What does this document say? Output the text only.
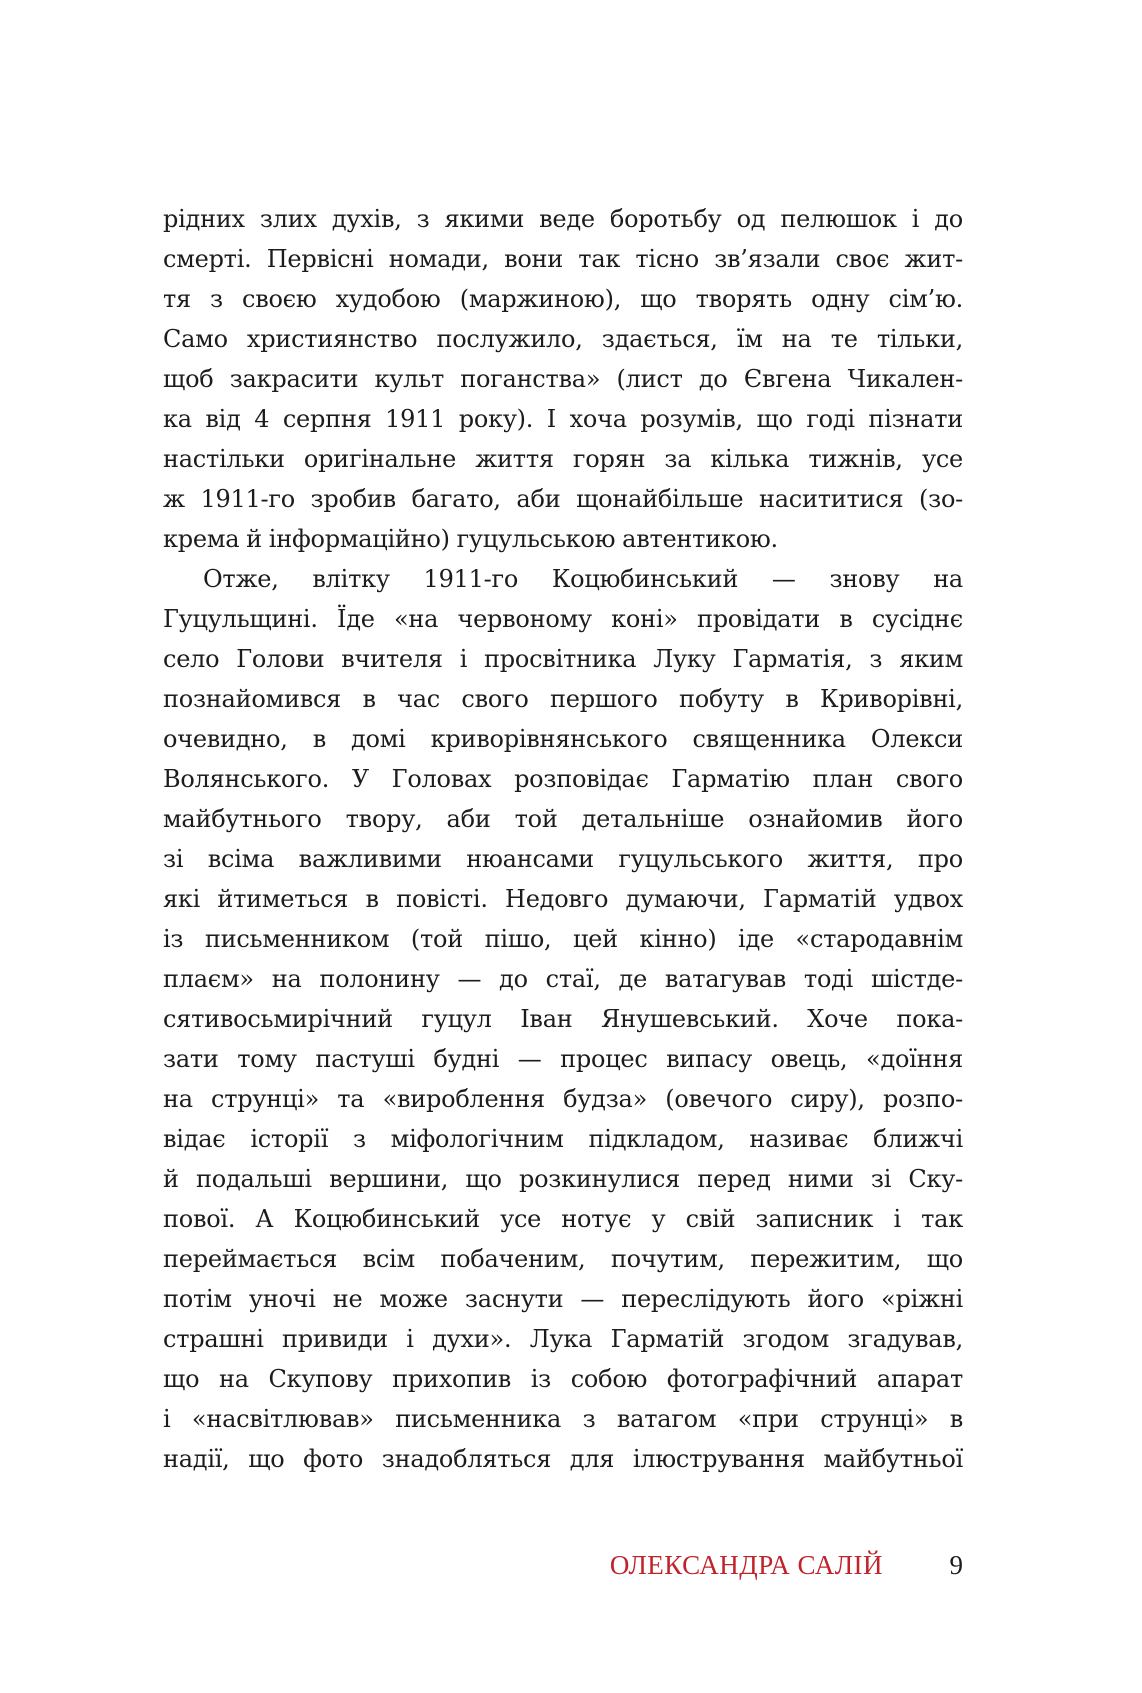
рідних злих духів, з якими веде боротьбу од пелюшок і до
смерті. Первісні номади, вони так тісно зв’язали своє жит-
тя з своєю худобою (маржиною), що творять одну сім’ю.
Само християнство послужило, здається, їм на те тільки,
щоб закрасити культ поганства» (лист до Євгена Чикален-
ка від 4 серпня 1911 року). І хоча розумів, що годі пізнати
настільки оригінальне життя горян за кілька тижнів, усе
ж 1911-го зробив багато, аби щонайбільше насититися (зо-
крема й інформаційно) гуцульською автентикою.
Отже, влітку 1911-го Коцюбинський — знову на
Гуцульщині. Їде «на червоному коні» провідати в сусіднє
село Голови вчителя і просвітника Луку Гарматія, з яким
познайомився в час свого першого побуту в Криворівні,
очевидно, в домі криворівнянського священника Олекси
Волянського. У Головах розповідає Гарматію план свого
майбутнього твору, аби той детальніше ознайомив його
зі всіма важливими нюансами гуцульського життя, про
які йтиметься в повісті. Недовго думаючи, Гарматій удвох
із письменником (той пішо, цей кінно) іде «стародавнім
плаєм» на полонину — до стаї, де ватагував тоді шістде-
сятивосьмирічний гуцул Іван Янушевський. Хоче пока-
зати тому пастуші будні — процес випасу овець, «доїння
на струнці» та «вироблення будза» (овечого сиру), розпо-
відає історії з міфологічним підкладом, називає ближчі
й подальші вершини, що розкинулися перед ними зі Ску-
пової. А Коцюбинський усе нотує у свій записник і так
переймається всім побаченим, почутим, пережитим, що
потім уночі не може заснути — переслідують його «ріжні
страшні привиди і духи». Лука Гарматій згодом згадував,
що на Скупову прихопив із собою фотографічний апарат
і «насвітлював» письменника з ватагом «при струнці» в
надії, що фото знадобляться для ілюстрування майбутньої
ОЛЕКСАНДРА САЛІЙ 9
